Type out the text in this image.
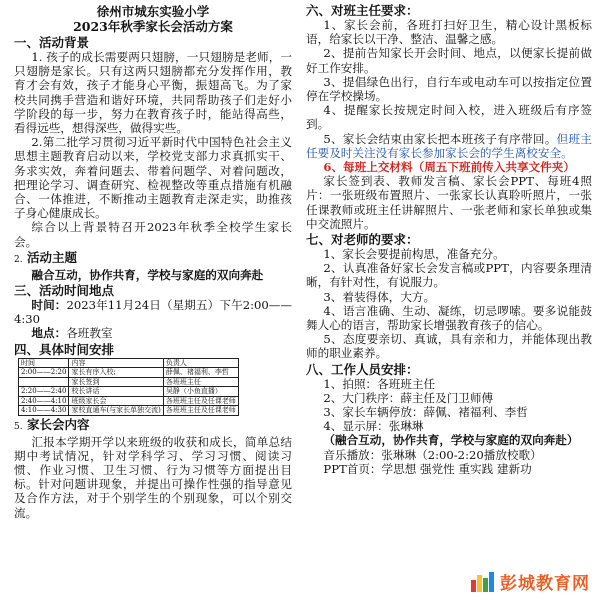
徐州市城东实验小学

2023年秋季家长会活动方案

一、活动背景

1. 孩子的成长需要两只翅膀，一只翅膀是老师，一只翅膀是家长。只有这两只翅膀都充分发挥作用，教育才会有效，孩子才能身心平衡，振翅高飞。为了家校共同携手营造和谐好环境，共同帮助孩子们走好小学阶段的每一步，努力在教育孩子时，能站得高些，看得远些，想得深些，做得实些。

2.第二批学习贯彻习近平新时代中国特色社会主义思想主题教育启动以来，学校党支部力求真抓实干、务求实效，奔着问题去、带着问题学、对着问题改，把理论学习、调查研究、检视整改等重点措施有机融合、一体推进，不断推动主题教育走深走实，助推孩子身心健康成长。

综合以上背景特召开2023年秋季全校学生家长会。

2. 活动主题

融合互动，协作共育，学校与家庭的双向奔赴

三、活动时间地点

时间：2023年11月24日（星期五）下午2:00——4:30

地点：各班教室

四、具体时间安排

时间	内容	负责人
2:00——2:20	家长有序入校;	薛佩、褚福利、李哲
	家长签到	各班班主任
2:20——2:40	校长讲话	吴静（小鱼直播）
2:40——4:10	班级家长会	各班班主任及任课老师
4:10——4:30	家校直通车(与家长单独交流)	各班班主任及任课老师

5. 家长会内容

汇报本学期开学以来班级的收获和成长，简单总结期中考试情况，针对学科学习、学习习惯、阅读习惯、作业习惯、卫生习惯、行为习惯等方面提出目标。针对问题讲现象，并提出可操作性强的指导意见及合作方法，对于个别学生的个别现象，可以个别交流。

六、对班主任要求：

1、家长会前，各班打扫好卫生，精心设计黑板标语，给家长以干净、整洁、温馨之感。

2、提前告知家长开会时间、地点，以便家长提前做好工作安排。

3、提倡绿色出行，自行车或电动车可以按指定位置停在学校操场。

4、提醒家长按规定时间入校，进入班级后有序签到。

5、家长会结束由家长把本班孩子有序带回。但班主任要及时关注没有家长参加家长会的学生离校安全。

6、每班上交材料（周五下班前传入共享文件夹）

家长签到表、教师发言稿、家长会PPT、每班4照片：一张班级布置照片、一张家长认真聆听照片，一张任课教师或班主任讲解照片、一张老师和家长单独或集中交流照片。

七、对老师的要求：

1、家长会要提前构思，准备充分。

2、认真准备好家长会发言稿或PPT，内容要条理清晰，有针对性，有说服力。

3、着装得体，大方。

4、语言准确、生动、凝练，切忌啰嗦。要多说能鼓舞人心的语言，帮助家长增强教育孩子的信心。

5、态度要亲切、真诚，具有亲和力，并能体现出教师的职业素养。

八、工作人员安排：

1、拍照：各班班主任

2、大门秩序：薛主任及门卫师傅

3、家长车辆停放：薛佩、褚福利、李哲

4、显示屏：张琳琳

（融合互动，协作共育，学校与家庭的双向奔赴）

音乐播放：张琳琳（2:00-2:20播放校歌）

PPT首页：学思想 强党性 重实践 建新功

彭城教育网
